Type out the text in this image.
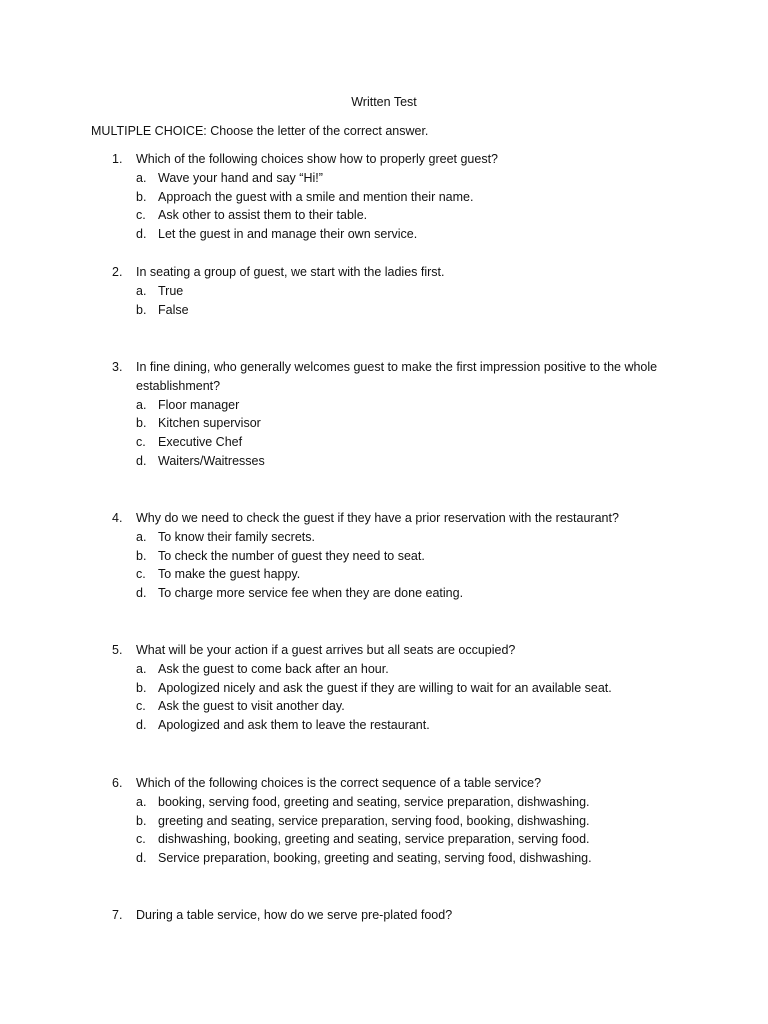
Written Test
MULTIPLE CHOICE: Choose the letter of the correct answer.
1. Which of the following choices show how to properly greet guest?
a. Wave your hand and say “Hi!”
b. Approach the guest with a smile and mention their name.
c. Ask other to assist them to their table.
d. Let the guest in and manage their own service.
2. In seating a group of guest, we start with the ladies first.
a. True
b. False
3. In fine dining, who generally welcomes guest to make the first impression positive to the whole establishment?
a. Floor manager
b. Kitchen supervisor
c. Executive Chef
d. Waiters/Waitresses
4. Why do we need to check the guest if they have a prior reservation with the restaurant?
a. To know their family secrets.
b. To check the number of guest they need to seat.
c. To make the guest happy.
d. To charge more service fee when they are done eating.
5. What will be your action if a guest arrives but all seats are occupied?
a. Ask the guest to come back after an hour.
b. Apologized nicely and ask the guest if they are willing to wait for an available seat.
c. Ask the guest to visit another day.
d. Apologized and ask them to leave the restaurant.
6. Which of the following choices is the correct sequence of a table service?
a. booking, serving food, greeting and seating, service preparation, dishwashing.
b. greeting and seating, service preparation, serving food, booking, dishwashing.
c. dishwashing, booking, greeting and seating, service preparation, serving food.
d. Service preparation, booking, greeting and seating, serving food, dishwashing.
7. During a table service, how do we serve pre-plated food?
